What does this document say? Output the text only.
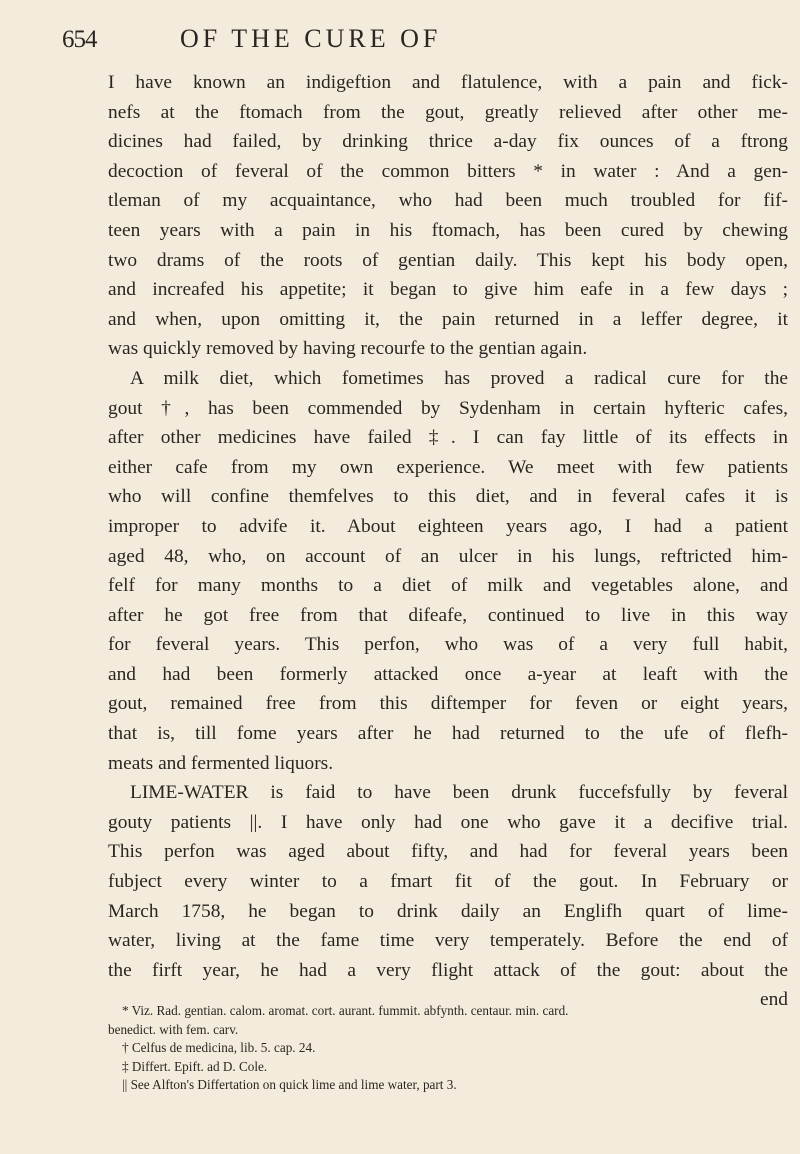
654	OF THE CURE OF
I have known an indigeftion and flatulence, with a pain and fick-
nefs at the ftomach from the gout, greatly relieved after other me-
dicines had failed, by drinking thrice a-day fix ounces of a ftrong
decoction of feveral of the common bitters * in water : And a gen-
tleman of my acquaintance, who had been much troubled for fif-
teen years with a pain in his ftomach, has been cured by chewing
two drams of the roots of gentian daily. This kept his body open,
and increafed his appetite; it began to give him eafe in a few days ;
and when, upon omitting it, the pain returned in a leffer degree, it
was quickly removed by having recourfe to the gentian again.
A milk diet, which fometimes has proved a radical cure for the
gout †, has been commended by Sydenham in certain hyfteric cafes,
after other medicines have failed ‡. I can fay little of its effects in
either cafe from my own experience. We meet with few patients
who will confine themfelves to this diet, and in feveral cafes it is
improper to advife it. About eighteen years ago, I had a patient
aged 48, who, on account of an ulcer in his lungs, reftricted him-
felf for many months to a diet of milk and vegetables alone, and
after he got free from that difeafe, continued to live in this way
for feveral years. This perfon, who was of a very full habit,
and had been formerly attacked once a-year at leaft with the
gout, remained free from this diftemper for feven or eight years,
that is, till fome years after he had returned to the ufe of flefh-
meats and fermented liquors.
LIME-WATER is faid to have been drunk fuccefsfully by feveral
gouty patients ||. I have only had one who gave it a decifive trial.
This perfon was aged about fifty, and had for feveral years been
fubject every winter to a fmart fit of the gout. In February or
March 1758, he began to drink daily an Englifh quart of lime-
water, living at the fame time very temperately. Before the end of
the firft year, he had a very flight attack of the gout: about the
end
* Viz. Rad. gentian. calom. aromat. cort. aurant. fummit. abfynth. centaur. min. card.
benedict. with fem. carv.
† Celfus de medicina, lib. 5. cap. 24.
‡ Differt. Epift. ad D. Cole.
|| See Alfton's Differtation on quick lime and lime water, part 3.
